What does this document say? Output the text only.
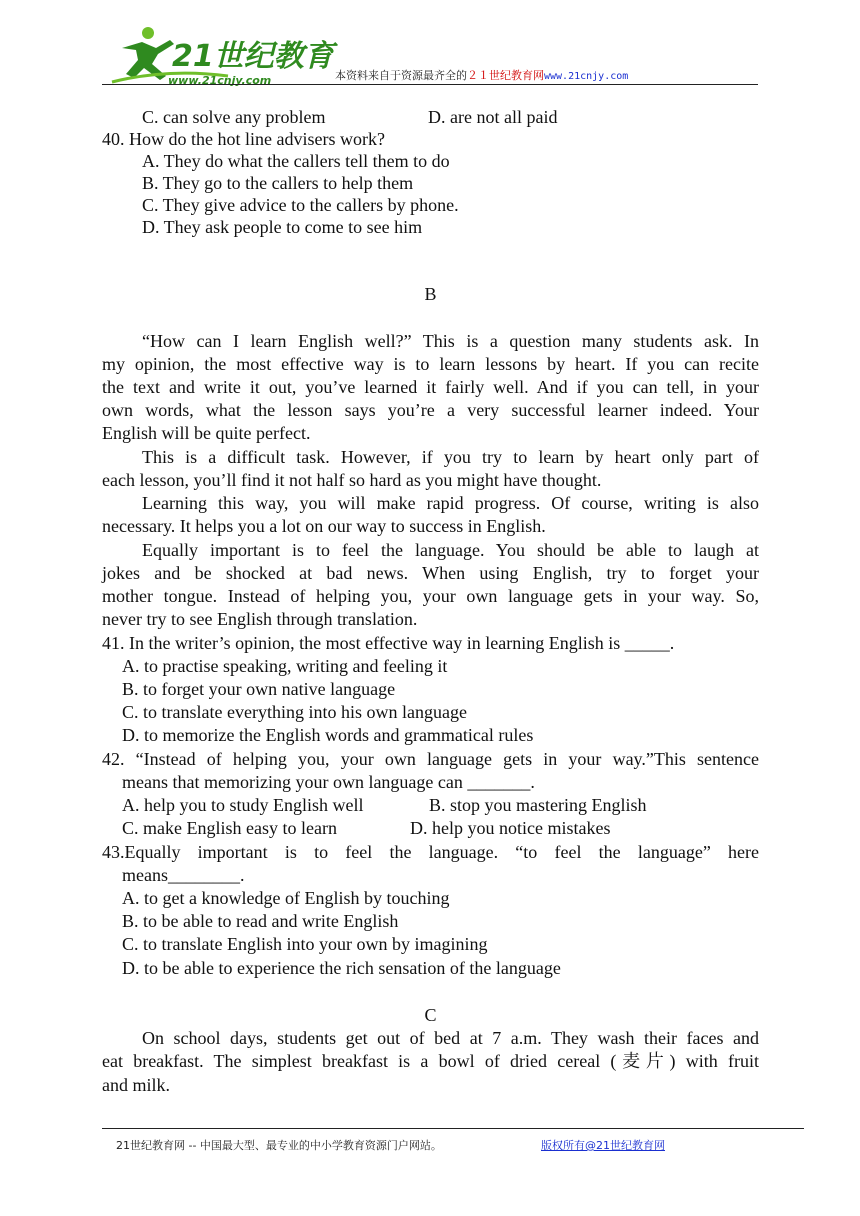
21世纪教育
www.21cnjy.com	本资料来自于资源最齐全的２１世纪教育网www.21cnjy.com
C. can solve any problem	D. are not all paid
40. How do the hot line advisers work?
A. They do what the callers tell them to do
B. They go to the callers to help them
C. They give advice to the callers by phone.
D. They ask people to come to see him
B
“How can I learn English well?” This is a question many students ask. In
my opinion, the most effective way is to learn lessons by heart. If you can recite
the text and write it out, you’ve learned it fairly well. And if you can tell, in your
own words, what the lesson says you’re a very successful learner indeed. Your
English will be quite perfect.
This is a difficult task. However, if you try to learn by heart only part of
each lesson, you’ll find it not half so hard as you might have thought.
Learning this way, you will make rapid progress. Of course, writing is also
necessary. It helps you a lot on our way to success in English.
Equally important is to feel the language. You should be able to laugh at
jokes and be shocked at bad news. When using English, try to forget your
mother tongue. Instead of helping you, your own language gets in your way. So,
never try to see English through translation.
41. In the writer’s opinion, the most effective way in learning English is _____.
A. to practise speaking, writing and feeling it
B. to forget your own native language
C. to translate everything into his own language
D. to memorize the English words and grammatical rules
42. “Instead of helping you, your own language gets in your way.”This sentence
means that memorizing your own language can _______.
A. help you to study English well	B. stop you mastering English
C. make English easy to learn	D. help you notice mistakes
43.Equally important is to feel the language. “to feel the language” here
means________.
A. to get a knowledge of English by touching
B. to be able to read and write English
C. to translate English into your own by imagining
D. to be able to experience the rich sensation of the language
C
On school days, students get out of bed at 7 a.m. They wash their faces and
eat breakfast. The simplest breakfast is a bowl of dried cereal (麦片) with fruit
and milk.
21世纪教育网 -- 中国最大型、最专业的中小学教育资源门户网站。	版权所有@21世纪教育网
